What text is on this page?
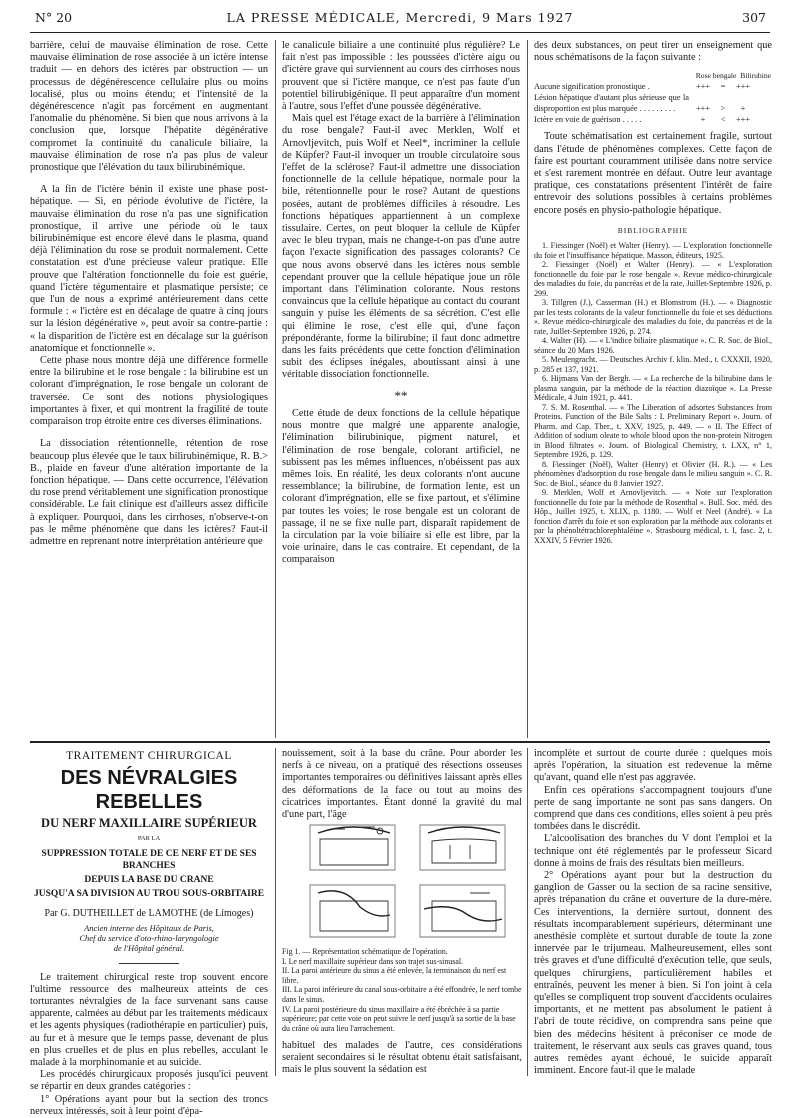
N° 20	LA PRESSE MÉDICALE, Mercredi, 9 Mars 1927	307

barrière, celui de mauvaise élimination de rose. Cette mauvaise élimination de rose associée à un ictère intense traduit — en dehors des ictères par obstruction — un processus de dégénérescence cellulaire plus ou moins localisé, plus ou moins étendu; et l'intensité de la dégénérescence n'agit pas forcément en augmentant l'anomalie du phénomène. Si bien que nous arrivons à la conclusion que, lorsque l'hépatite dégénérative compromet la continuité du canalicule biliaire, la mauvaise élimination de rose n'a pas plus de valeur pronostique que l'élévation du taux bilirubinémique.

A la fin de l'ictère bénin il existe une phase post-hépatique. — Si, en période évolutive de l'ictère, la mauvaise élimination du rose n'a pas une signification pronostique, il arrive une période où le taux bilirubinémique est encore élevé dans le plasma, quand déjà l'élimination du rose se produit normalement. Cette constatation est d'une précieuse valeur pratique. Elle prouve que l'altération fonctionnelle du foie est guérie, quand l'ictère tégumentaire et plasmatique persiste; ce que l'un de nous a exprimé antérieurement dans cette formule : « l'ictère est en décalage de quatre à cinq jours sur la lésion dégénérative », peut avoir sa contre-partie : « la disparition de l'ictère est en décalage sur la guérison anatomique et fonctionnelle ».

Cette phase nous montre déjà une différence formelle entre la bilirubine et le rose bengale : la bilirubine est un colorant d'imprégnation, le rose bengale un colorant de traversée. Ce sont des notions physiologiques importantes à fixer, et qui montrent la fragilité de toute comparaison trop étroite entre ces diverses éliminations.

La dissociation rétentionnelle, rétention de rose beaucoup plus élevée que le taux bilirubinémique, R. B.> B., plaide en faveur d'une altération importante de la fonction hépatique. — Dans cette occurrence, l'élévation du rose prend véritablement une signification pronostique considérable. Le fait clinique est d'ailleurs assez difficile à expliquer. Pourquoi, dans les cirrhoses, n'observe-t-on pas le même phénomène que dans les ictères? Faut-il admettre en reprenant notre interprétation antérieure que

le canalicule biliaire a une continuité plus régulière? Le fait n'est pas impossible : les poussées d'ictère aigu ou d'ictère grave qui surviennent au cours des cirrhoses nous prouvent que si l'ictère manque, ce n'est pas faute d'un potentiel bilirubigénique. Il peut apparaître d'un moment à l'autre, sous l'effet d'une poussée dégénérative.

Mais quel est l'étage exact de la barrière à l'élimination du rose bengale? Faut-il avec Merklen, Wolf et Arnovljevitch, puis Wolf et Neel*, incriminer la cellule de Küpfer? Faut-il invoquer un trouble circulatoire sous l'effet de la sclérose? Faut-il admettre une dissociation fonctionnelle de la cellule hépatique, normale pour la bile, rétentionnelle pour le rose? Autant de questions posées, autant de problèmes difficiles à résoudre. Les fonctions hépatiques appartiennent à un complexe tissulaire. Certes, on peut bloquer la cellule de Küpfer avec le bleu trypan, mais ne change-t-on pas d'une autre façon l'exacte signification des passages colorants? Ce que nous avons observé dans les ictères nous semble cependant prouver que la cellule hépatique joue un rôle important dans l'élimination colorante. Nous restons convaincus que la cellule hépatique au contact du courant sanguin y puise les éléments de sa sécrétion. C'est elle qui élimine le rose, c'est elle qui, d'une façon prépondérante, forme la bilirubine; il faut donc admettre dans les faits précédents que cette fonction d'élimination subit des éclipses inégales, aboutissant ainsi à une véritable dissociation fonctionnelle.

**

Cette étude de deux fonctions de la cellule hépatique nous montre que malgré une apparente analogie, l'élimination bilirubinique, pigment naturel, et l'élimination de rose bengale, colorant artificiel, ne subissent pas les mêmes influences, n'obéissent pas aux mêmes lois. En réalité, les deux colorants n'ont aucune ressemblance; la bilirubine, de formation lente, est un colorant d'imprégnation, elle se fixe partout, et s'élimine par toutes les voies; le rose bengale est un colorant de passage, il ne se fixe nulle part, disparaît rapidement de la circulation par la voie biliaire si elle est libre, par la voie urinaire, dans le cas contraire. Et cependant, de la comparaison

des deux substances, on peut tirer un enseignement que nous schématisons de la façon suivante :

Rose bengale Bilirubine
Aucune signification pronostique .	+++	=	+++
Lésion hépatique d'autant plus sérieuse que la disproportion est plus marquée . . . . . . . . .	+++	>	+
Ictère en voie de guérison . . . . .	+	<	+++

Toute schématisation est certainement fragile, surtout dans l'étude de phénomènes complexes. Cette façon de faire est pourtant couramment utilisée dans notre service et s'est rarement montrée en défaut. Outre leur avantage pratique, ces constatations présentent l'intérêt de faire entrevoir des solutions possibles à certains problèmes encore posés en physio-pathologie hépatique.

BIBLIOGRAPHIE

1. Fiessinger (Noël) et Walter (Henry). — L'exploration fonctionnelle du foie et l'insuffisance hépatique. Masson, éditeurs, 1925.

2. Fiessinger (Noël) et Walter (Henry). — « L'exploration fonctionnelle du foie par le rose bengale ». Revue médico-chirurgicale des maladies du foie, du pancréas et de la rate, Juillet-Septembre 1926, p. 299.

3. Tillgren (J.), Casserman (H.) et Blomstrom (H.). — « Diagnostic par les tests colorants de la valeur fonctionnelle du foie et ses déductions ». Revue médico-chirurgicale des maladies du foie, du pancréas et de la rate, Juillet-Septembre 1926, p. 274.

4. Walter (H). — « L'indice biliaire plasmatique ». C. R. Soc. de Biol., séance du 20 Mars 1926.

5. Meulengracht. — Deutsches Archiv f. klin. Med., t. CXXXII, 1920, p. 285 et 137, 1921.

6. Hijmans Van der Bergh. — « La recherche de la bilirubine dans le plasma sanguin, par la méthode de la réaction diazoïque ». La Presse Médicale, 4 Juin 1921, p. 441.

7. S. M. Rosenthal. — « The Liberation of adsortes Substances from Proteins. Function of the Bile Salts : I. Preliminary Report ». Journ. of Pharm. and Cap. Ther., t. XXV, 1925, p. 449. — « II. The Effect of Addition of sodium oleate to whole blood upon the non-protein Nitrogen in Blood filtrates ». Journ. of Biological Chemistry, t. LXX, n° 1, Septembre 1926, p. 129.

8. Fiessinger (Noël), Walter (Henry) et Olivier (H. R.). — « Les phénomènes d'adsorption du rose bengale dans le milieu sanguin ». C. R. Soc. de Biol., séance du 8 Janvier 1927.

9. Merklen, Wolf et Arnovljevitch. — « Note sur l'exploration fonctionnelle du foie par la méthode de Rosenthal ». Bull. Soc. méd. des Hôp., Juillet 1925, t. XLIX, p. 1180. — Wolf et Neel (André). « La fonction d'arrêt du foie et son exploration par la méthode aux colorants et par la phénoltétrachlorephtaléine ». Strasbourg médical, t. I, fasc. 2, t. XXXIV, 5 Février 1926.

TRAITEMENT CHIRURGICAL
DES NÉVRALGIES REBELLES
DU NERF MAXILLAIRE SUPÉRIEUR
PAR LA
SUPPRESSION TOTALE DE CE NERF ET DE SES BRANCHES
DEPUIS LA BASE DU CRANE
JUSQU'A SA DIVISION AU TROU SOUS-ORBITAIRE
Par G. DUTHEILLET de LAMOTHE (de Limoges)
Ancien interne des Hôpitaux de Paris,
Chef du service d'oto-rhino-laryngologie
de l'Hôpital général.

Le traitement chirurgical reste trop souvent encore l'ultime ressource des malheureux atteints de ces torturantes névralgies de la face survenant sans cause apparente, calmées au début par les traitements médicaux et les agents physiques (radiothérapie en particulier) puis, au fur et à mesure que le temps passe, devenant de plus en plus cruelles et de plus en plus rebelles, acculant le malade à la morphinomanie et au suicide.

Les procédés chirurgicaux proposés jusqu'ici peuvent se répartir en deux grandes catégories :

1° Opérations ayant pour but la section des troncs nerveux intéressés, soit à leur point d'épa-

nouissement, soit à la base du crâne. Pour aborder les nerfs à ce niveau, on a pratiqué des résections osseuses importantes temporaires ou définitives laissant après elles des déformations de la face ou tout au moins des cicatrices importantes. Étant donné la gravité du mal d'une part, l'âge

Fig 1. — Représentation schématique de l'opération.

I. Le nerf maxillaire supérieur dans son trajet sus-sinusal.

II. La paroi antérieure du sinus a été enlevée, la terminaison du nerf est libre.

III. La paroi inférieure du canal sous-orbitaire a été effondrée, le nerf tombe dans le sinus.

IV. La paroi postérieure du sinus maxillaire a été ébréchée à sa partie supérieure; par cette voie on peut suivre le nerf jusqu'à sa sortie de la base du crâne où aura lieu l'arrachement.

habituel des malades de l'autre, ces considérations seraient secondaires si le résultat obtenu était satisfaisant, mais le plus souvent la sédation est

incomplète et surtout de courte durée : quelques mois après l'opération, la situation est redevenue la même qu'avant, quand elle n'est pas aggravée.

Enfin ces opérations s'accompagnent toujours d'une perte de sang importante ne sont pas sans dangers. On comprend que dans ces conditions, elles soient à peu près tombées dans le discrédit.

L'alcoolisation des branches du V dont l'emploi et la technique ont été réglementés par le professeur Sicard donne à moins de frais des résultats bien meilleurs.

2° Opérations ayant pour but la destruction du ganglion de Gasser ou la section de sa racine sensitive, après trépanation du crâne et ouverture de la dure-mère. Ces interventions, la dernière surtout, donnent des résultats incomparablement supérieurs, déterminant une anesthésie complète et surtout durable de toute la zone innervée par le trijumeau. Malheureusement, elles sont très graves et d'une difficulté d'exécution telle, que seuls, quelques chirurgiens, particulièrement habiles et entraînés, peuvent les mener à bien. Si l'on joint à cela qu'elles se compliquent trop souvent d'accidents oculaires importants, et ne mettent pas absolument le patient à l'abri de toute récidive, on comprendra sans peine que bien des médecins hésitent à préconiser ce mode de traitement, le réservant aux seuls cas graves quand, tous autres remèdes ayant échoué, le suicide apparaît imminent. Encore faut-il que le malade
